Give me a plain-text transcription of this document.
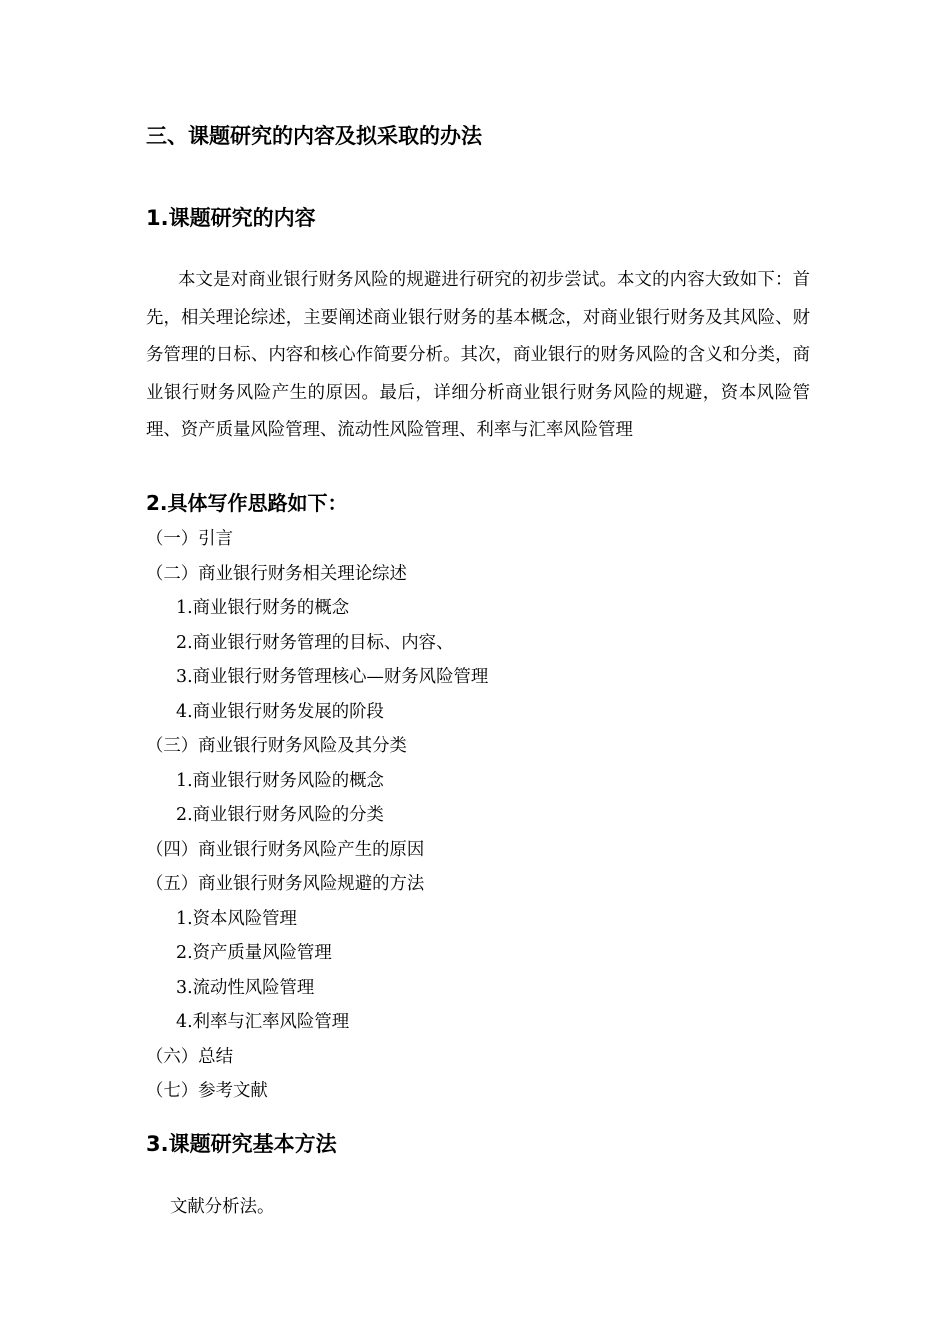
三、课题研究的内容及拟采取的办法
1.课题研究的内容

本文是对商业银行财务风险的规避进行研究的初步尝试。本文的内容大致如下：首先，相关理论综述，主要阐述商业银行财务的基本概念，对商业银行财务及其风险、财务管理的日标、内容和核心作简要分析。其次，商业银行的财务风险的含义和分类，商业银行财务风险产生的原因。最后，详细分析商业银行财务风险的规避，资本风险管理、资产质量风险管理、流动性风险管理、利率与汇率风险管理

2.具体写作思路如下：
（一）引言
（二）商业银行财务相关理论综述
1.商业银行财务的概念
2.商业银行财务管理的目标、内容、
3.商业银行财务管理核心—财务风险管理
4.商业银行财务发展的阶段
（三）商业银行财务风险及其分类
1.商业银行财务风险的概念
2.商业银行财务风险的分类
（四）商业银行财务风险产生的原因
（五）商业银行财务风险规避的方法
1.资本风险管理
2.资产质量风险管理
3.流动性风险管理
4.利率与汇率风险管理
（六）总结
（七）参考文献
3.课题研究基本方法

文献分析法。
